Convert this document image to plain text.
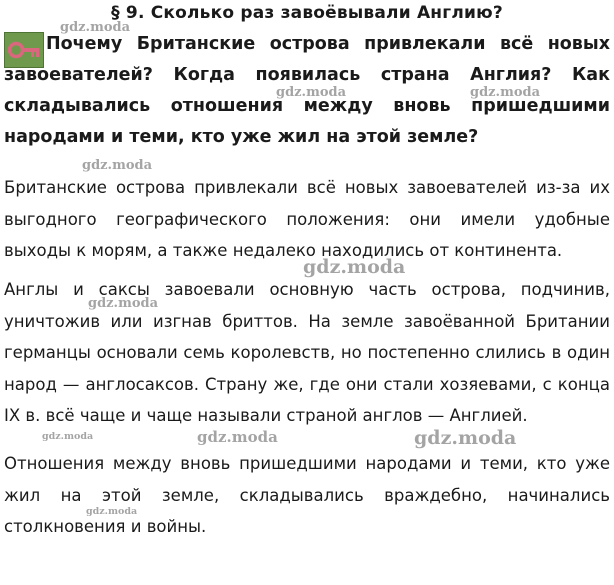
§ 9. Сколько раз завоёвывали Англию?

Почему Британские острова привлекали всё новых завоевателей? Когда появилась страна Англия? Как складывались отношения между вновь пришедшими народами и теми, кто уже жил на этой земле?

Британские острова привлекали всё новых завоевателей из-за их выгодного географического положения: они имели удобные выходы к морям, а также недалеко находились от континента.

Англы и саксы завоевали основную часть острова, подчинив, уничтожив или изгнав бриттов. На земле завоёванной Британии германцы основали семь королевств, но постепенно слились в один народ — англосаксов. Страну же, где они стали хозяевами, с конца IX в. всё чаще и чаще называли страной англов — Англией.

Отношения между вновь пришедшими народами и теми, кто уже жил на этой земле, складывались враждебно, начинались столкновения и войны.

gdz.moda
gdz.moda	gdz.moda
gdz.moda
gdz.moda
gdz.moda
gdz.moda	gdz.moda	gdz.moda
gdz.moda
